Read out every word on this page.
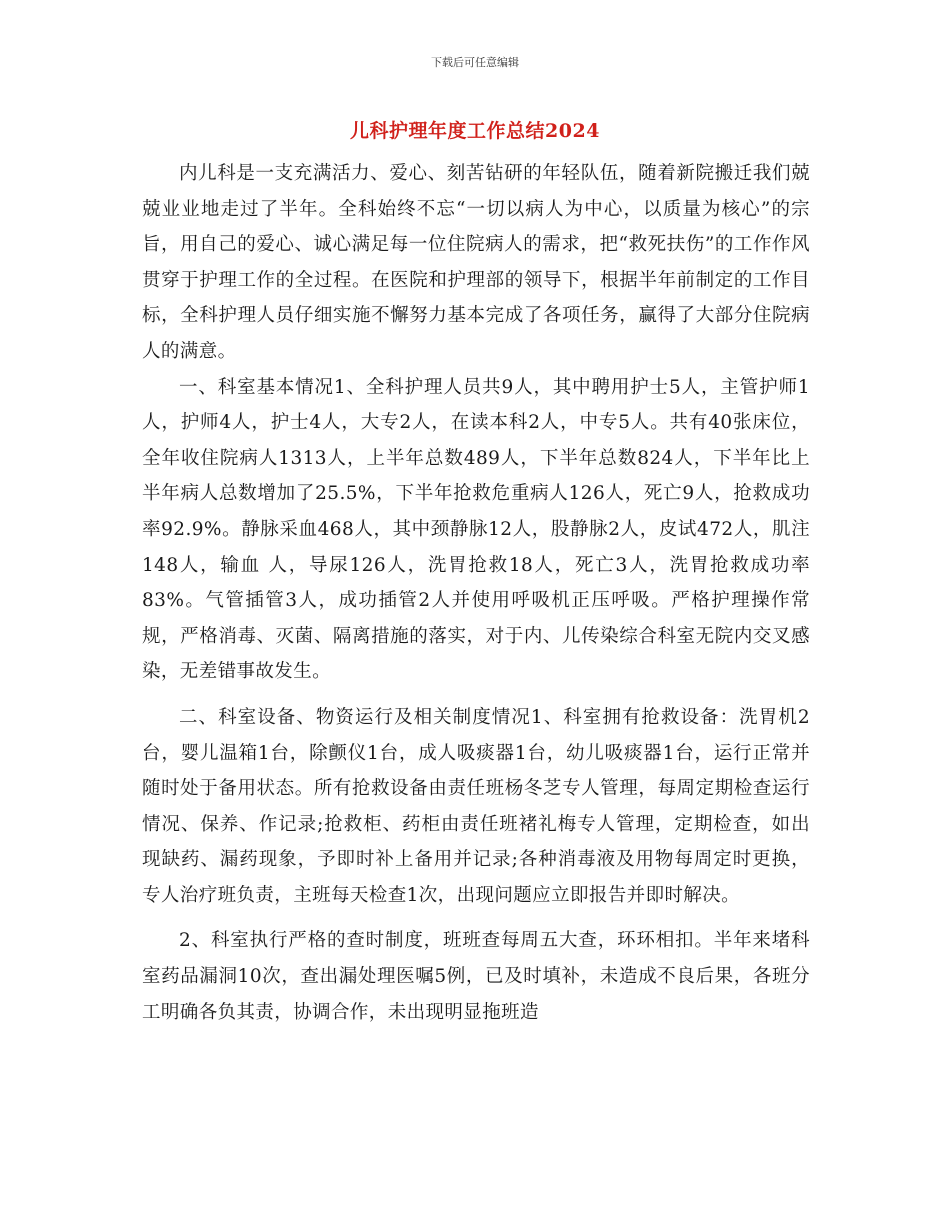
下载后可任意编辑
儿科护理年度工作总结2024

内儿科是一支充满活力、爱心、刻苦钻研的年轻队伍，随着新院搬迁我们兢兢业业地走过了半年。全科始终不忘“一切以病人为中心，以质量为核心”的宗旨，用自己的爱心、诚心满足每一位住院病人的需求，把“救死扶伤”的工作作风贯穿于护理工作的全过程。在医院和护理部的领导下，根据半年前制定的工作目标，全科护理人员仔细实施不懈努力基本完成了各项任务，赢得了大部分住院病人的满意。

一、科室基本情况1、全科护理人员共9人，其中聘用护士5人，主管护师1人，护师4人，护士4人，大专2人，在读本科2人，中专5人。共有40张床位，全年收住院病人1313人，上半年总数489人，下半年总数824人，下半年比上半年病人总数增加了25.5%，下半年抢救危重病人126人，死亡9人，抢救成功率92.9%。静脉采血468人，其中颈静脉12人，股静脉2人，皮试472人，肌注148人，输血 人，导尿126人，洗胃抢救18人，死亡3人，洗胃抢救成功率83%。气管插管3人，成功插管2人并使用呼吸机正压呼吸。严格护理操作常规，严格消毒、灭菌、隔离措施的落实，对于内、儿传染综合科室无院内交叉感染，无差错事故发生。

二、科室设备、物资运行及相关制度情况1、科室拥有抢救设备：洗胃机2台，婴儿温箱1台，除颤仪1台，成人吸痰器1台，幼儿吸痰器1台，运行正常并随时处于备用状态。所有抢救设备由责任班杨冬芝专人管理，每周定期检查运行情况、保养、作记录;抢救柜、药柜由责任班褚礼梅专人管理，定期检查，如出现缺药、漏药现象，予即时补上备用并记录;各种消毒液及用物每周定时更换，专人治疗班负责，主班每天检查1次，出现问题应立即报告并即时解决。

2、科室执行严格的查时制度，班班查每周五大查，环环相扣。半年来堵科室药品漏洞10次，查出漏处理医嘱5例，已及时填补，未造成不良后果，各班分工明确各负其责，协调合作，未出现明显拖班造
